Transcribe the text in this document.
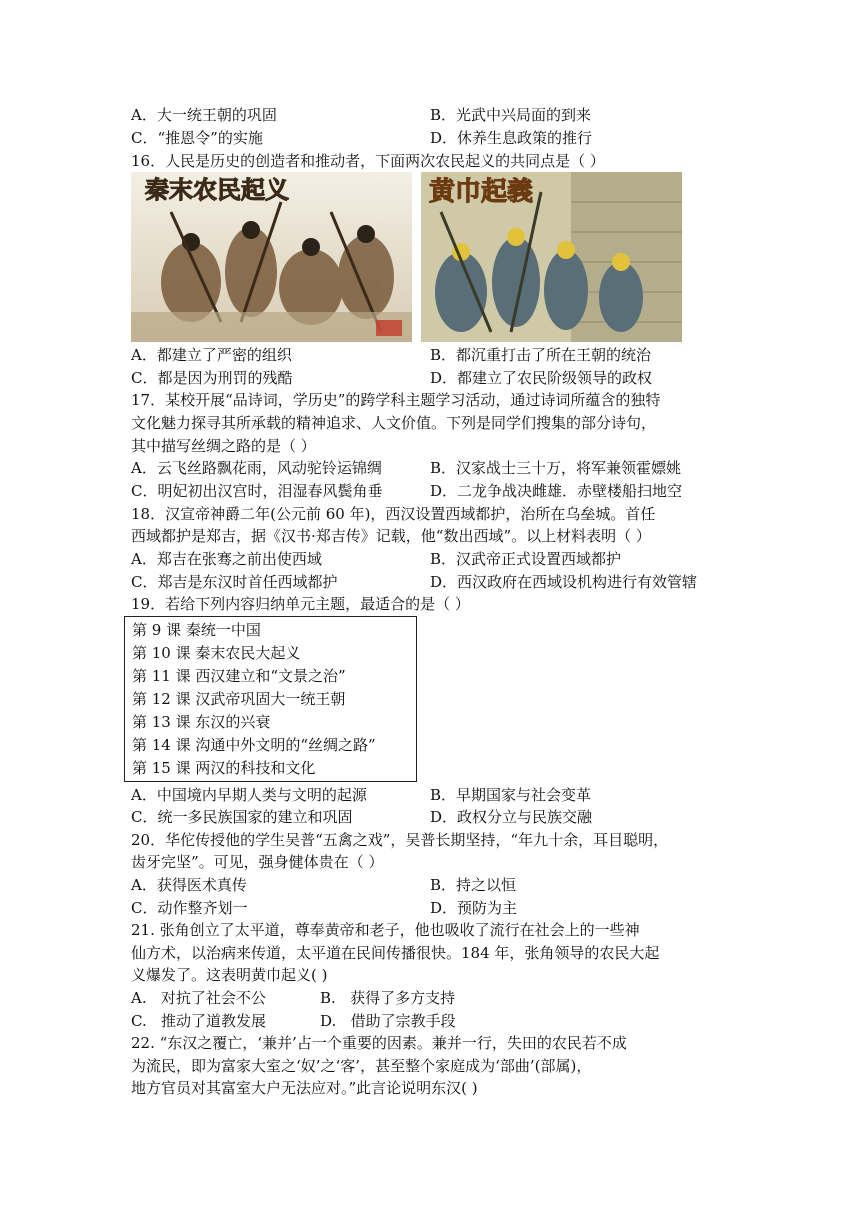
A．大一统王朝的巩固	B．光武中兴局面的到来
C．“推恩令”的实施	D．休养生息政策的推行
16．人民是历史的创造者和推动者，下面两次农民起义的共同点是（ ）
秦末农民起义	黄巾起義
A．都建立了严密的组织	B．都沉重打击了所在王朝的统治
C．都是因为刑罚的残酷	D．都建立了农民阶级领导的政权
17．某校开展“品诗词，学历史”的跨学科主题学习活动，通过诗词所蕴含的独特
文化魅力探寻其所承载的精神追求、人文价值。下列是同学们搜集的部分诗句，
其中描写丝绸之路的是（ ）
A．云飞丝路飘花雨，风动驼铃运锦绸	B．汉家战士三十万，将军兼领霍嫖姚
C．明妃初出汉宫时，泪湿春风鬓角垂	D．二龙争战决雌雄．赤壁楼船扫地空
18．汉宣帝神爵二年(公元前 60 年)，西汉设置西域都护，治所在乌垒城。首任
西域都护是郑吉，据《汉书·郑吉传》记载，他“数出西域”。以上材料表明（ ）
A．郑吉在张骞之前出使西域	B．汉武帝正式设置西域都护
C．郑吉是东汉时首任西域都护	D．西汉政府在西域设机构进行有效管辖
19．若给下列内容归纳单元主题，最适合的是（ ）
第 9 课 秦统一中国
第 10 课 秦末农民大起义
第 11 课 西汉建立和“文景之治”
第 12 课 汉武帝巩固大一统王朝
第 13 课 东汉的兴衰
第 14 课 沟通中外文明的“丝绸之路”
第 15 课 两汉的科技和文化
A．中国境内早期人类与文明的起源	B．早期国家与社会变革
C．统一多民族国家的建立和巩固	D．政权分立与民族交融
20．华佗传授他的学生吴普“五禽之戏”，吴普长期坚持，“年九十余，耳目聪明，
齿牙完坚”。可见，强身健体贵在（ ）
A．获得医术真传	B．持之以恒
C．动作整齐划一	D．预防为主
21. 张角创立了太平道，尊奉黄帝和老子，他也吸收了流行在社会上的一些神
仙方术，以治病来传道，太平道在民间传播很快。184 年，张角领导的农民大起
义爆发了。这表明黄巾起义( )
A. 对抗了社会不公	B. 获得了多方支持
C. 推动了道教发展	D. 借助了宗教手段
22. “东汉之覆亡，‘兼并’占一个重要的因素。兼并一行，失田的农民若不成
为流民，即为富家大室之‘奴’之‘客’，甚至整个家庭成为‘部曲’(部属)，
地方官员对其富室大户无法应对。”此言论说明东汉( )
